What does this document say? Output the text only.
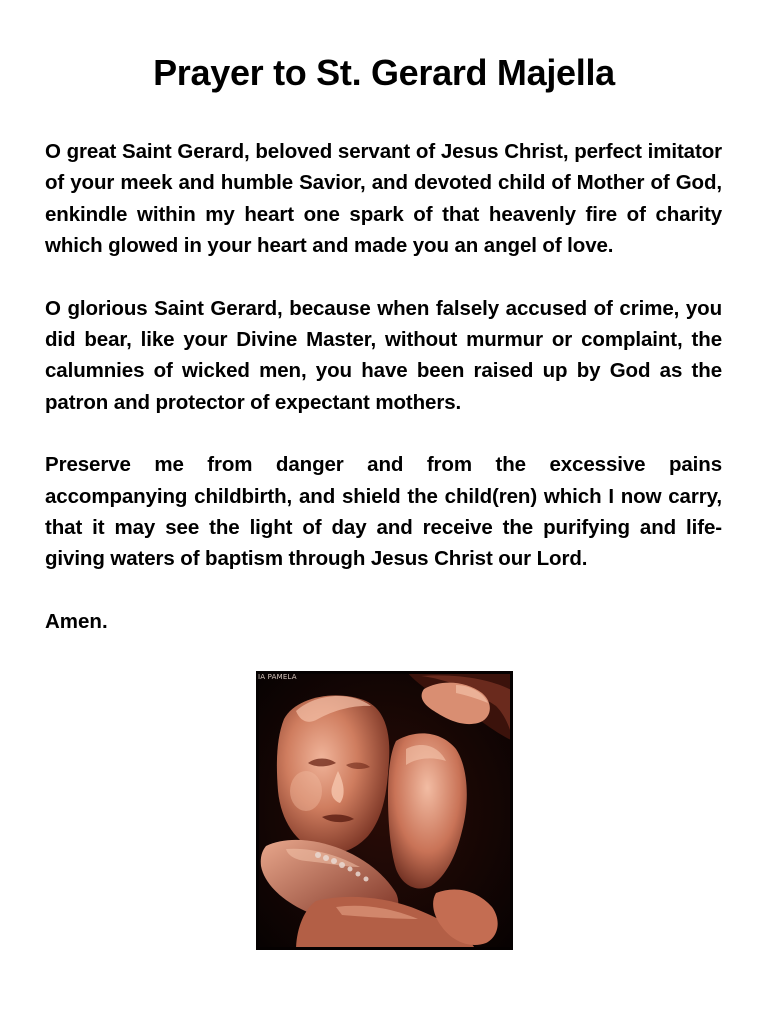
Prayer to St. Gerard Majella

O great Saint Gerard, beloved servant of Jesus Christ, perfect imitator of your meek and humble Savior, and devoted child of Mother of God, enkindle within my heart one spark of that heavenly fire of charity which glowed in your heart and made you an angel of love.

O glorious Saint Gerard, because when falsely accused of crime, you did bear, like your Divine Master, without murmur or complaint, the calumnies of wicked men, you have been raised up by God as the patron and protector of expectant mothers.

Preserve me from danger and from the excessive pains accompanying childbirth, and shield the child(ren) which I now carry, that it may see the light of day and receive the purifying and life-giving waters of baptism through Jesus Christ our Lord.

Amen.

IA PAMELA
